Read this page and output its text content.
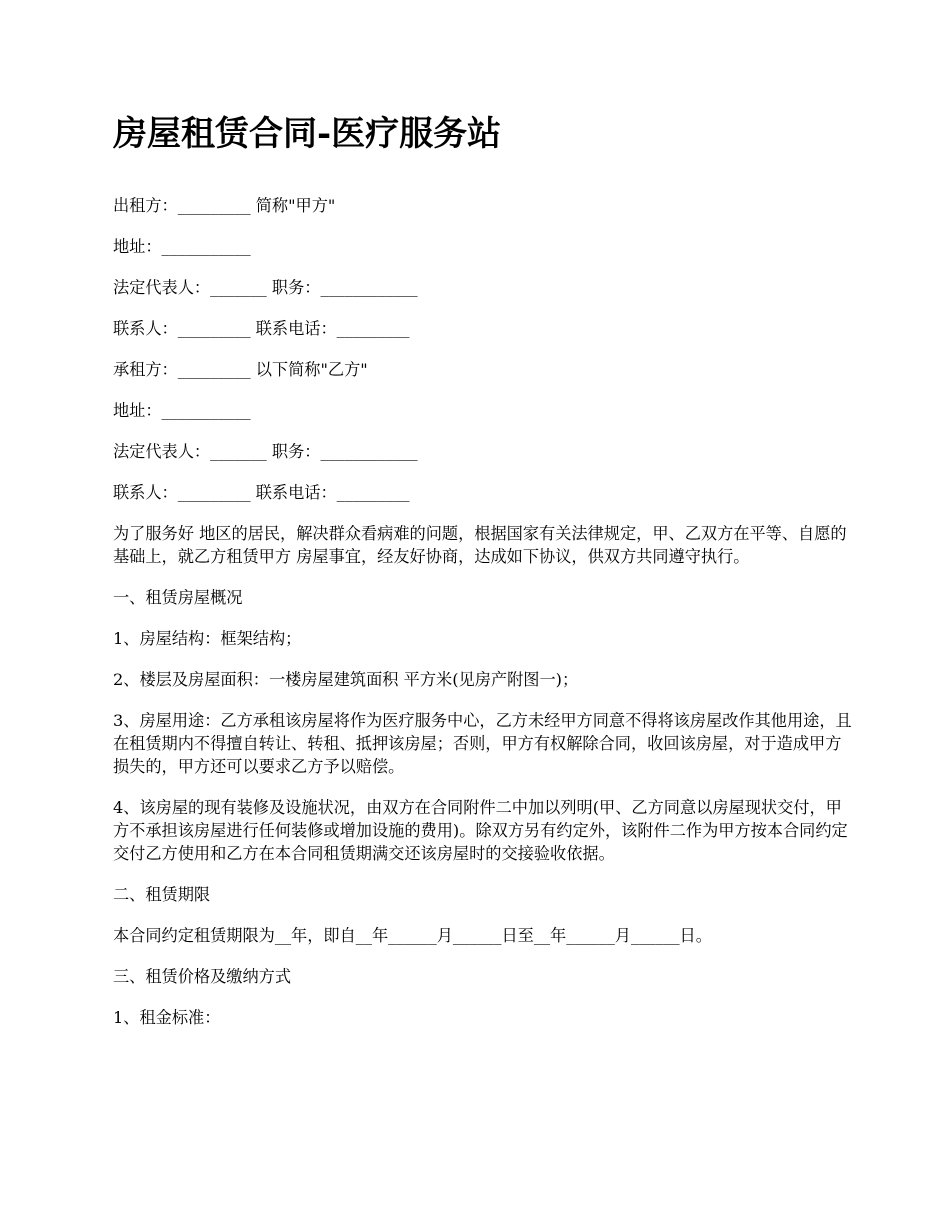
房屋租赁合同-医疗服务站

出租方：_________ 简称"甲方"

地址：___________

法定代表人：_______ 职务：____________

联系人：_________ 联系电话：_________

承租方：_________ 以下简称"乙方"

地址：___________

法定代表人：_______ 职务：____________

联系人：_________ 联系电话：_________

为了服务好 地区的居民，解决群众看病难的问题，根据国家有关法律规定，甲、乙双方在平等、自愿的基础上，就乙方租赁甲方 房屋事宜，经友好协商，达成如下协议，供双方共同遵守执行。

一、租赁房屋概况

1、房屋结构：框架结构；

2、楼层及房屋面积：一楼房屋建筑面积 平方米(见房产附图一)；

3、房屋用途：乙方承租该房屋将作为医疗服务中心，乙方未经甲方同意不得将该房屋改作其他用途，且在租赁期内不得擅自转让、转租、抵押该房屋；否则，甲方有权解除合同，收回该房屋，对于造成甲方损失的，甲方还可以要求乙方予以赔偿。

4、该房屋的现有装修及设施状况，由双方在合同附件二中加以列明(甲、乙方同意以房屋现状交付，甲方不承担该房屋进行任何装修或增加设施的费用)。除双方另有约定外，该附件二作为甲方按本合同约定交付乙方使用和乙方在本合同租赁期满交还该房屋时的交接验收依据。

二、租赁期限

本合同约定租赁期限为__年，即自__年______月______日至__年______月______日。

三、租赁价格及缴纳方式

1、租金标准：
